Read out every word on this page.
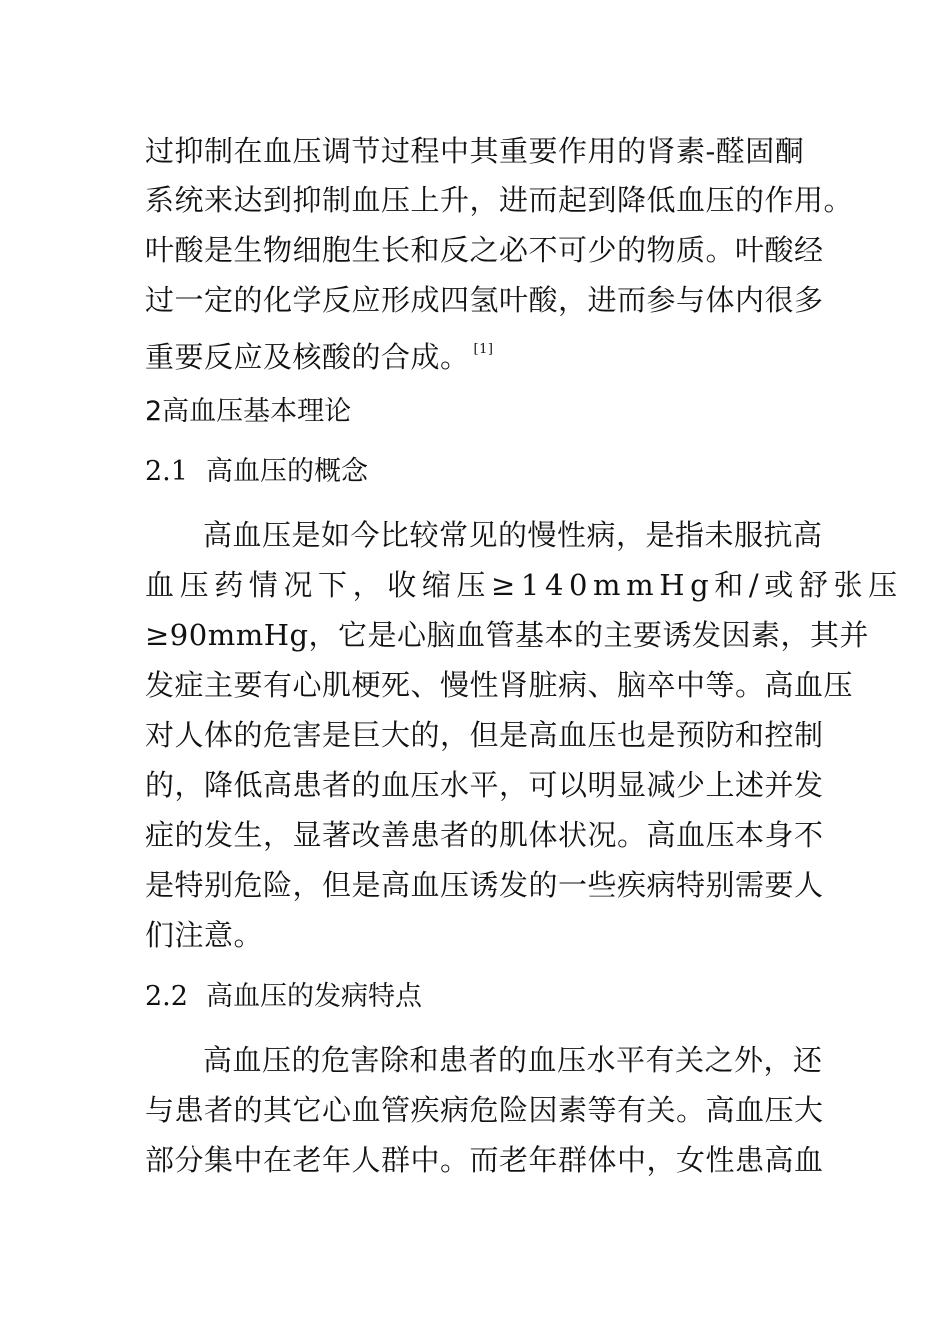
过抑制在血压调节过程中其重要作用的肾素-醛固酮
系统来达到抑制血压上升，进而起到降低血压的作用。
叶酸是生物细胞生长和反之必不可少的物质。叶酸经
过一定的化学反应形成四氢叶酸，进而参与体内很多
重要反应及核酸的合成。 [1]
2高血压基本理论
2.1 高血压的概念
高血压是如今比较常见的慢性病，是指未服抗高
血压药情况下，收缩压≥140mmHg和/或舒张压
≥90mmHg，它是心脑血管基本的主要诱发因素，其并
发症主要有心肌梗死、慢性肾脏病、脑卒中等。高血压
对人体的危害是巨大的，但是高血压也是预防和控制
的，降低高患者的血压水平，可以明显减少上述并发
症的发生，显著改善患者的肌体状况。高血压本身不
是特别危险，但是高血压诱发的一些疾病特别需要人
们注意。
2.2 高血压的发病特点
高血压的危害除和患者的血压水平有关之外，还
与患者的其它心血管疾病危险因素等有关。高血压大
部分集中在老年人群中。而老年群体中，女性患高血
